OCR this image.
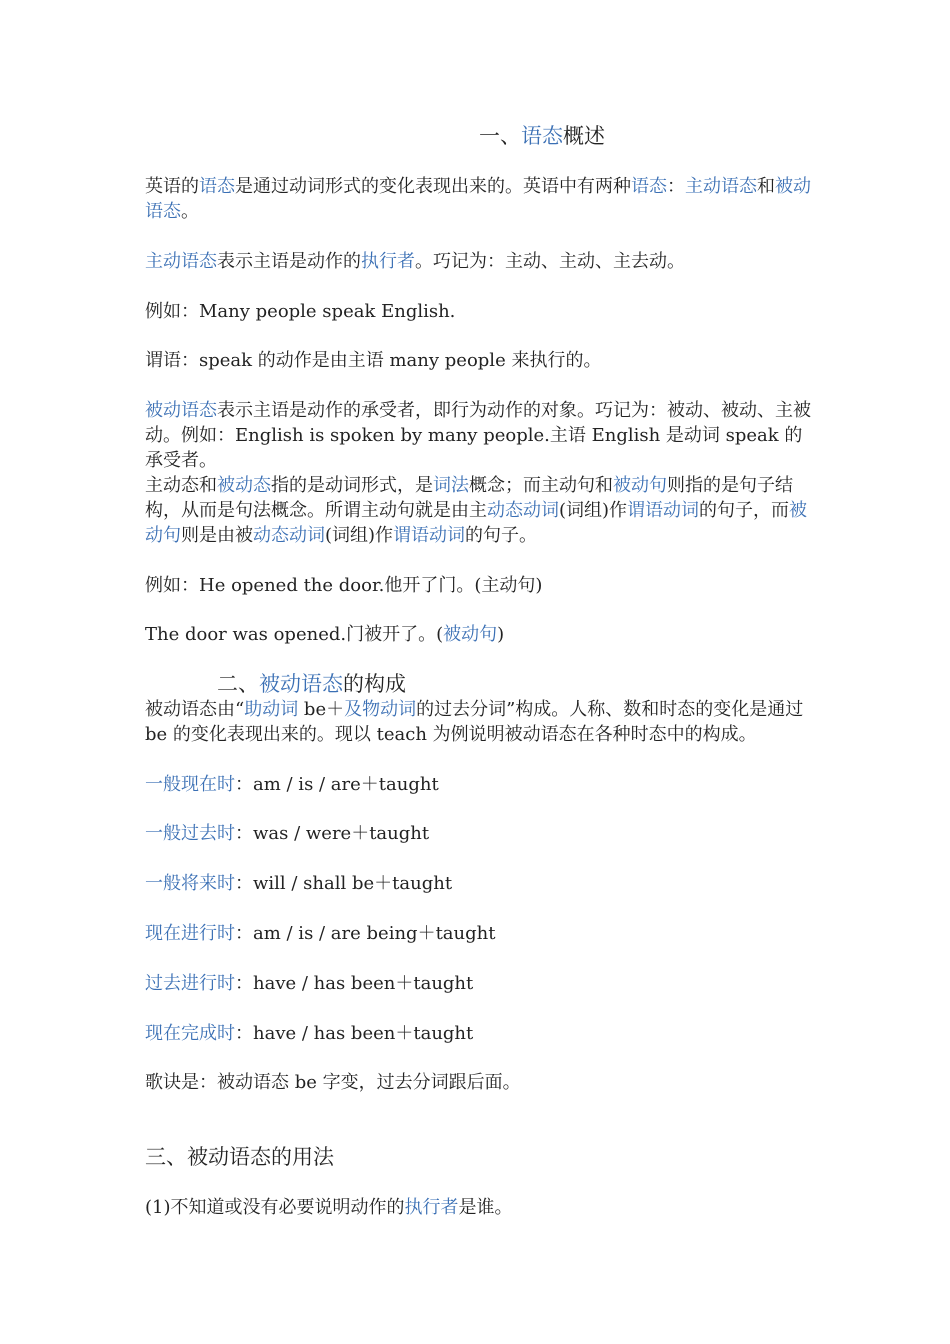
一、语态概述

英语的语态是通过动词形式的变化表现出来的。英语中有两种语态：主动语态和被动语态。

主动语态表示主语是动作的执行者。巧记为：主动、主动、主去动。

例如：Many people speak English.

谓语：speak 的动作是由主语 many people 来执行的。

被动语态表示主语是动作的承受者，即行为动作的对象。巧记为：被动、被动、主被动。例如：English is spoken by many people.主语 English 是动词 speak 的承受者。

主动态和被动态指的是动词形式，是词法概念；而主动句和被动句则指的是句子结构，从而是句法概念。所谓主动句就是由主动态动词(词组)作谓语动词的句子，而被动句则是由被动态动词(词组)作谓语动词的句子。

例如：He opened the door.他开了门。(主动句)

The door was opened.门被开了。(被动句)

二、被动语态的构成

被动语态由“助动词 be＋及物动词的过去分词”构成。人称、数和时态的变化是通过 be 的变化表现出来的。现以 teach 为例说明被动语态在各种时态中的构成。

一般现在时：am / is / are＋taught

一般过去时：was / were＋taught

一般将来时：will / shall be＋taught

现在进行时：am / is / are being＋taught

过去进行时：have / has been＋taught

现在完成时：have / has been＋taught

歌诀是：被动语态 be 字变，过去分词跟后面。

三、被动语态的用法

(1)不知道或没有必要说明动作的执行者是谁。
